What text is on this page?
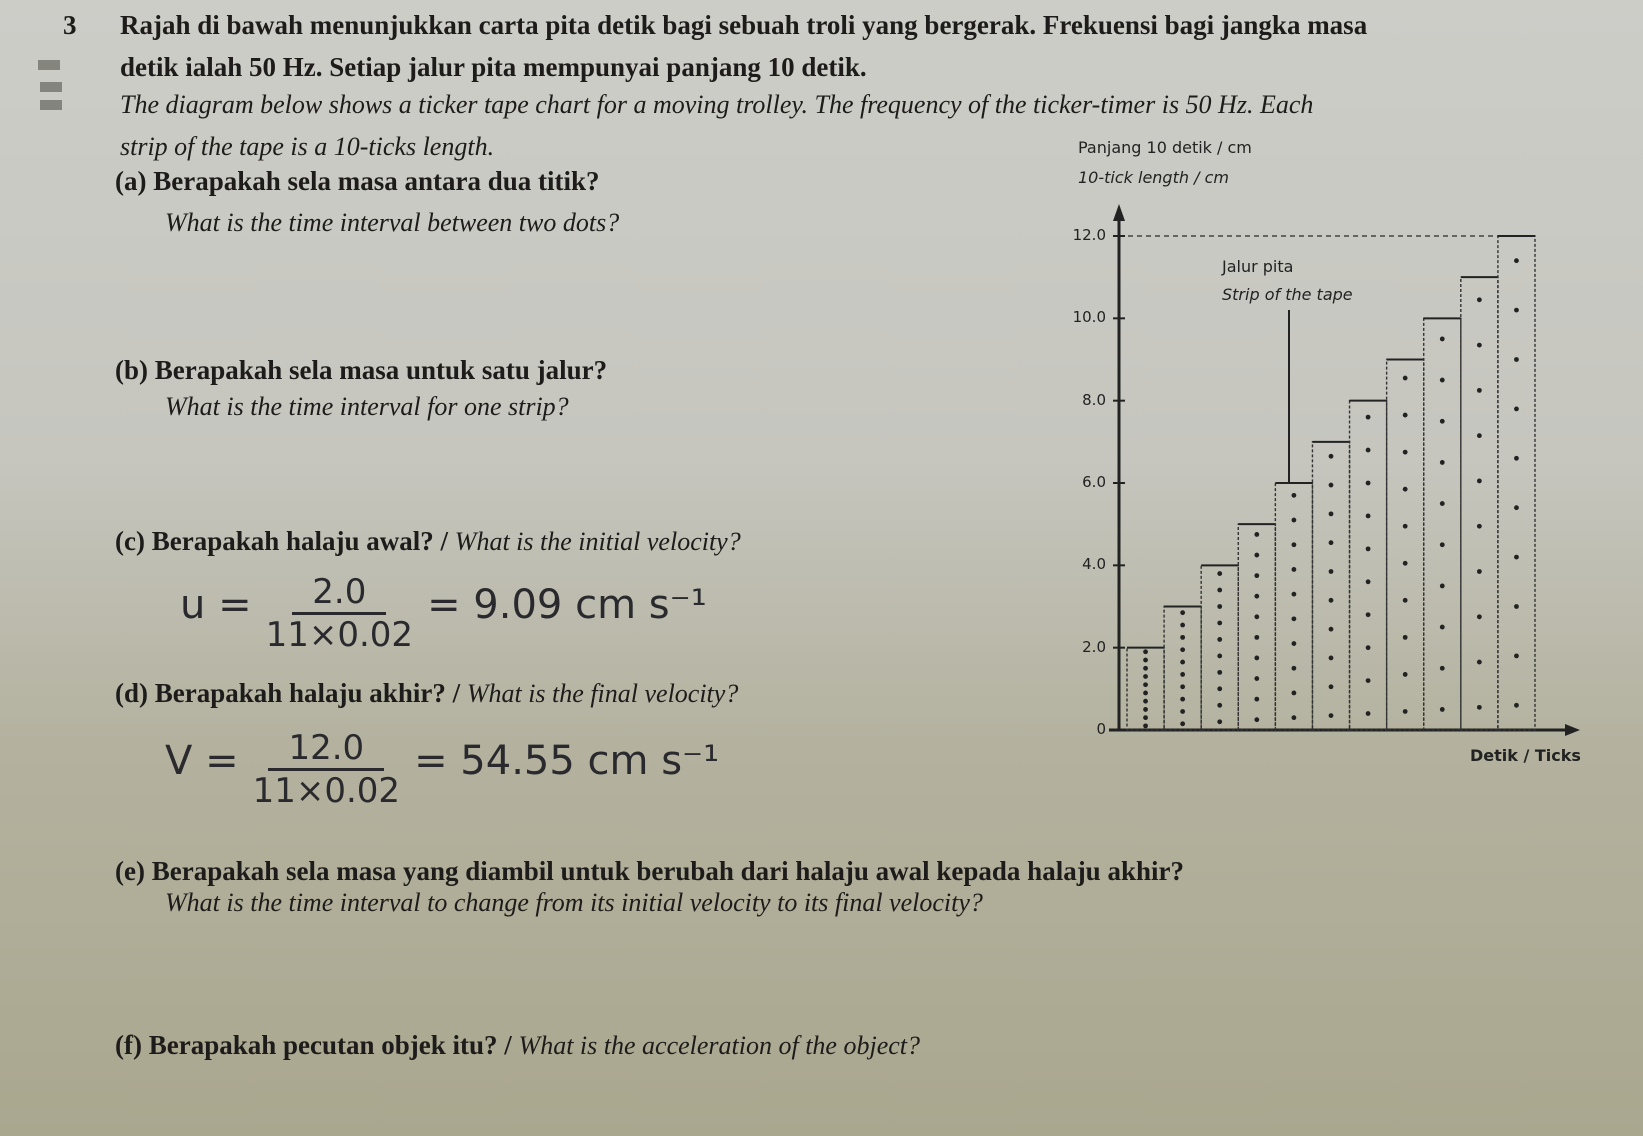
3 Rajah di bawah menunjukkan carta pita detik bagi sebuah troli yang bergerak. Frekuensi bagi jangka masa
detik ialah 50 Hz. Setiap jalur pita mempunyai panjang 10 detik.
The diagram below shows a ticker tape chart for a moving trolley. The frequency of the ticker-timer is 50 Hz. Each
strip of the tape is a 10-ticks length.
(a) Berapakah sela masa antara dua titik?
What is the time interval between two dots?
(b) Berapakah sela masa untuk satu jalur?
What is the time interval for one strip?
(c) Berapakah halaju awal? / What is the initial velocity?
$u = \frac{2.0}{11\times 0.02} = 9.09$ cm s⁻¹
(d) Berapakah halaju akhir? / What is the final velocity?
$V = \frac{12.0}{11\times 0.02} = 54.55$ cm s⁻¹
(e) Berapakah sela masa yang diambil untuk berubah dari halaju awal kepada halaju akhir?
What is the time interval to change from its initial velocity to its final velocity?
(f) Berapakah pecutan objek itu? / What is the acceleration of the object?
Panjang 10 detik / cm
10-tick length / cm
Jalur pita
Strip of the tape
Detik / Ticks
0
2.0
4.0
6.0
8.0
10.0
12.0
